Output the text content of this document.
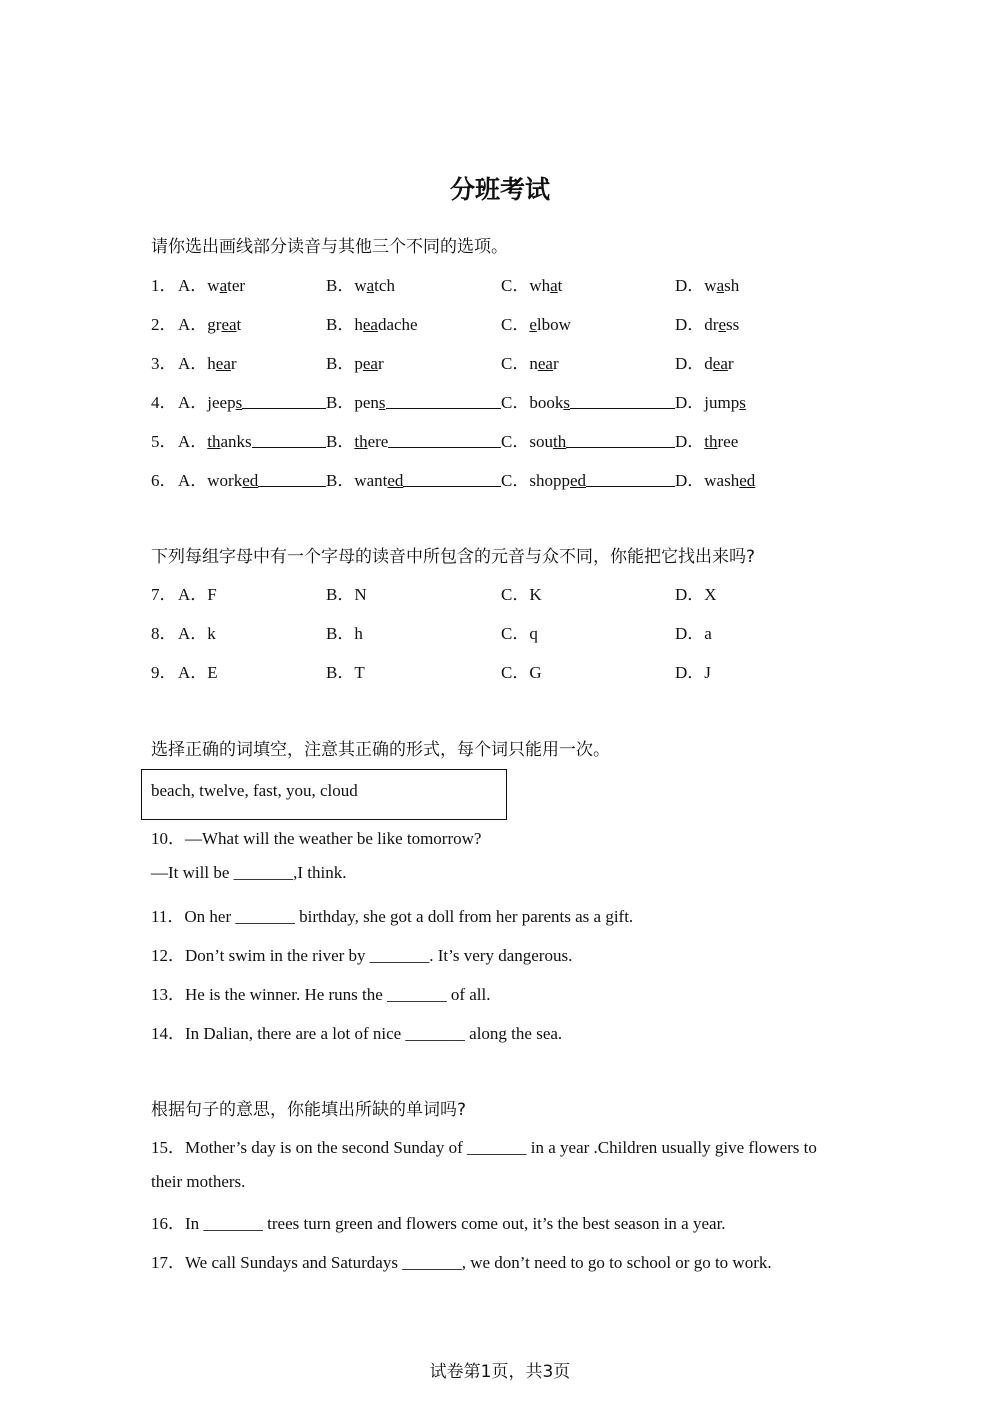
分班考试
请你选出画线部分读音与其他三个不同的选项。
1． A．water	B．watch	C．what	D．wash
2． A．great	B．headache	C．elbow	D．dress
3． A．hear	B．pear	C．near	D．dear
4． A．jeeps	B．pens	C．books	D．jumps
5． A．thanks	B．there	C．south	D．three
6． A．worked	B．wanted	C．shopped	D．washed
下列每组字母中有一个字母的读音中所包含的元音与众不同，你能把它找出来吗?
7． A．F	B．N	C．K	D．X
8． A．k	B．h	C．q	D．a
9． A．E	B．T	C．G	D．J
选择正确的词填空，注意其正确的形式，每个词只能用一次。
beach, twelve, fast, you, cloud
10．—What will the weather be like tomorrow?
—It will be _______,I think.
11．On her _______ birthday, she got a doll from her parents as a gift.
12．Don’t swim in the river by _______. It’s very dangerous.
13．He is the winner. He runs the _______ of all.
14．In Dalian, there are a lot of nice _______ along the sea.
根据句子的意思，你能填出所缺的单词吗?
15．Mother’s day is on the second Sunday of _______ in a year .Children usually give flowers to
their mothers.
16．In _______ trees turn green and flowers come out, it’s the best season in a year.
17．We call Sundays and Saturdays _______, we don’t need to go to school or go to work.
试卷第1页，共3页
